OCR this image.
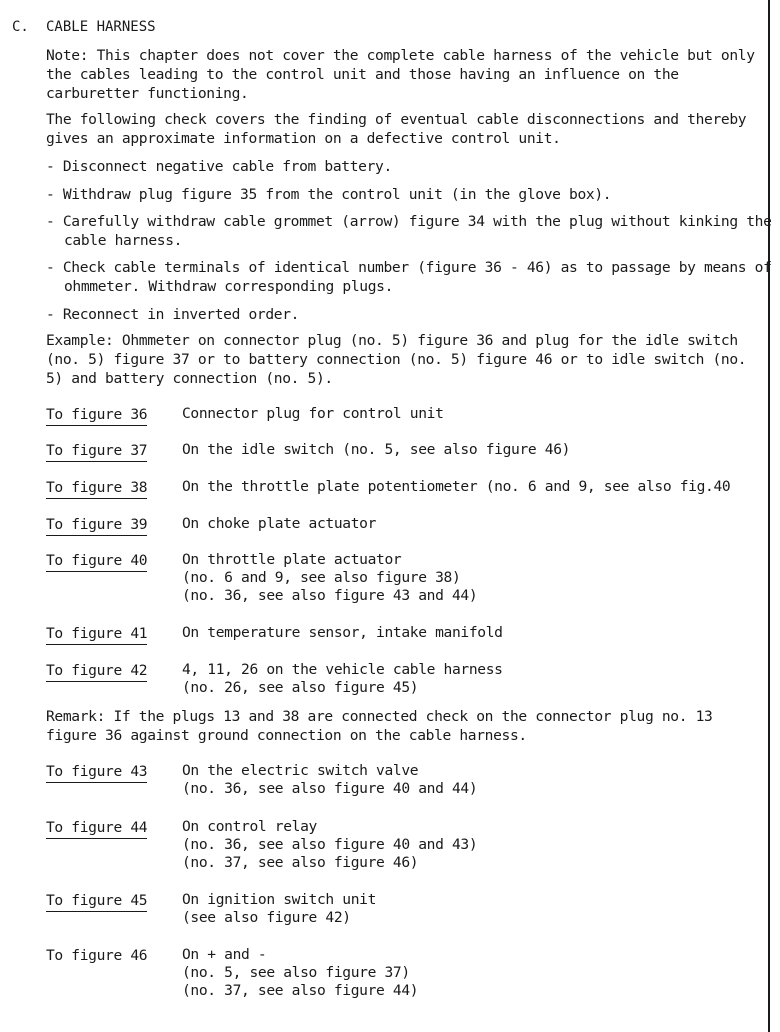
C. CABLE HARNESS
Note: This chapter does not cover the complete cable harness of the vehicle but only the cables leading to the control unit and those having an influence on the carburetter functioning.
The following check covers the finding of eventual cable disconnections and thereby gives an approximate information on a defective control unit.
- Disconnect negative cable from battery.
- Withdraw plug figure 35 from the control unit (in the glove box).
- Carefully withdraw cable grommet (arrow) figure 34 with the plug without kinking the cable harness.
- Check cable terminals of identical number (figure 36 - 46) as to passage by means of ohmmeter. Withdraw corresponding plugs.
- Reconnect in inverted order.
Example: Ohmmeter on connector plug (no. 5) figure 36 and plug for the idle switch (no. 5) figure 37 or to battery connection (no. 5) figure 46 or to idle switch (no. 5) and battery connection (no. 5).
To figure 36 Connector plug for control unit
To figure 37 On the idle switch (no. 5, see also figure 46)
To figure 38 On the throttle plate potentiometer (no. 6 and 9, see also fig.40
To figure 39 On choke plate actuator
To figure 40 On throttle plate actuator
(no. 6 and 9, see also figure 38)
(no. 36, see also figure 43 and 44)
To figure 41 On temperature sensor, intake manifold
To figure 42 4, 11, 26 on the vehicle cable harness
(no. 26, see also figure 45)
Remark: If the plugs 13 and 38 are connected check on the connector plug no. 13 figure 36 against ground connection on the cable harness.
To figure 43 On the electric switch valve
(no. 36, see also figure 40 and 44)
To figure 44 On control relay
(no. 36, see also figure 40 and 43)
(no. 37, see also figure 46)
To figure 45 On ignition switch unit
(see also figure 42)
To figure 46 On + and -
(no. 5, see also figure 37)
(no. 37, see also figure 44)
